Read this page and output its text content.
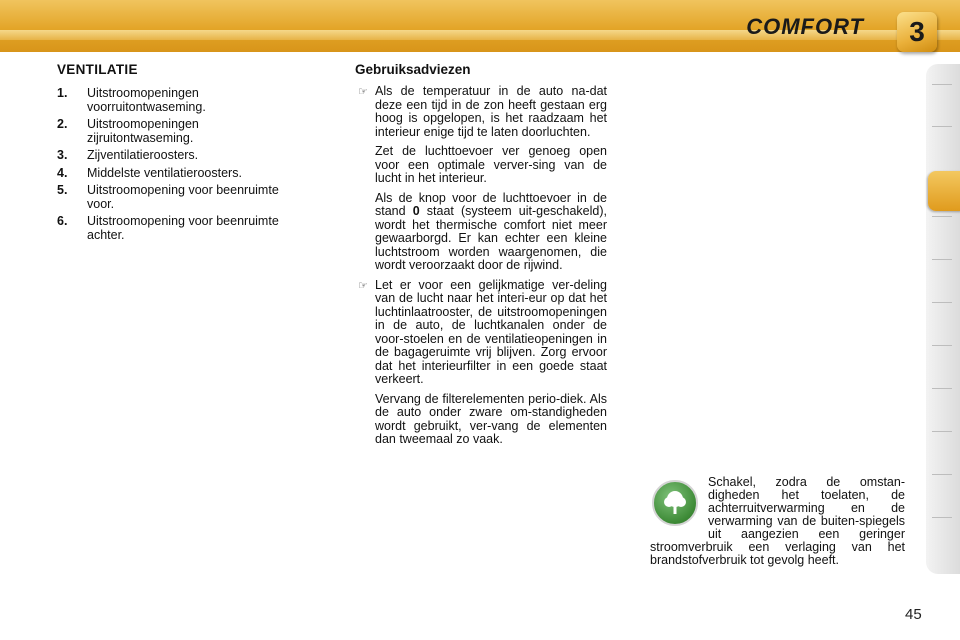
COMFORT	3
VENTILATIE
1.	Uitstroomopeningen voorruitontwaseming.
2.	Uitstroomopeningen zijruitontwaseming.
3.	Zijventilatieroosters.
4.	Middelste ventilatieroosters.
5.	Uitstroomopening voor beenruimte voor.
6.	Uitstroomopening voor beenruimte achter.
Gebruiksadviezen
☞ Als de temperatuur in de auto na-dat deze een tijd in de zon heeft gestaan erg hoog is opgelopen, is het raadzaam het interieur enige tijd te laten doorluchten.
Zet de luchttoevoer ver genoeg open voor een optimale verver-sing van de lucht in het interieur.
Als de knop voor de luchttoevoer in de stand 0 staat (systeem uit-geschakeld), wordt het thermische comfort niet meer gewaarborgd. Er kan echter een kleine luchtstroom worden waargenomen, die wordt veroorzaakt door de rijwind.
☞ Let er voor een gelijkmatige ver-deling van de lucht naar het interi-eur op dat het luchtinlaatrooster, de uitstroomopeningen in de auto, de luchtkanalen onder de voor-stoelen en de ventilatieopeningen in de bagageruimte vrij blijven. Zorg ervoor dat het interieurfilter in een goede staat verkeert.
Vervang de filterelementen perio-diek. Als de auto onder zware om-standigheden wordt gebruikt, ver-vang de elementen dan tweemaal zo vaak.
Schakel, zodra de omstan-digheden het toelaten, de achterruitverwarming en de verwarming van de buiten-spiegels uit aangezien een geringer stroomverbruik een verlaging van het brandstofverbruik tot gevolg heeft.
45
